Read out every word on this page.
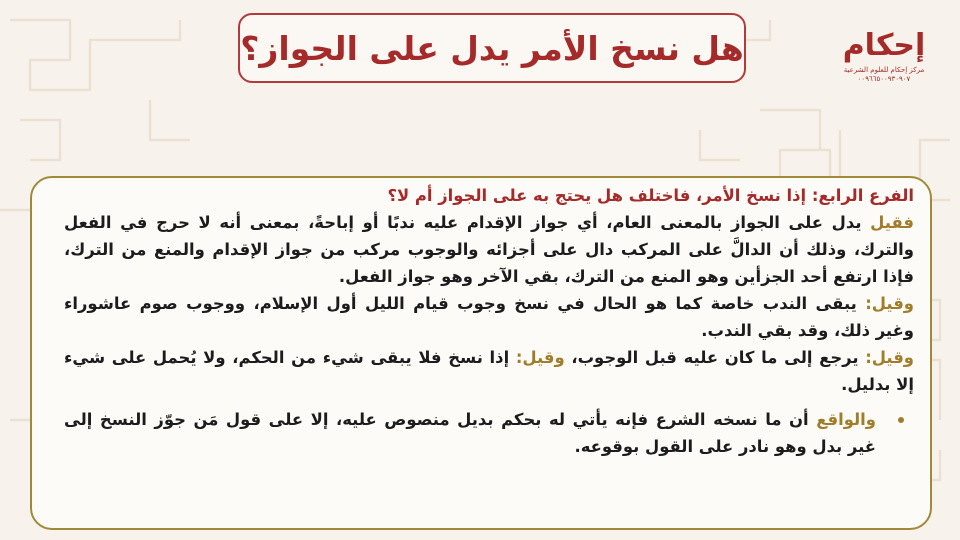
إحكام
مركز إحكام للعلوم الشرعية
٠٠٩٦٦٥٠٠٩٣٠٩٠٧
هل نسخ الأمر يدل على الجواز؟

الفرع الرابع: إذا نسخ الأمر، فاختلف هل يحتج به على الجواز أم لا؟

فقيل يدل على الجواز بالمعنى العام، أي جواز الإقدام عليه ندبًا أو إباحةً، بمعنى أنه لا حرج في الفعل والترك، وذلك أن الدالَّ على المركب دال على أجزائه والوجوب مركب من جواز الإقدام والمنع من الترك، فإذا ارتفع أحد الجزأين وهو المنع من الترك، بقي الآخر وهو جواز الفعل.

وقيل: يبقى الندب خاصة كما هو الحال في نسخ وجوب قيام الليل أول الإسلام، ووجوب صوم عاشوراء وغير ذلك، وقد بقي الندب.

وقيل: يرجع إلى ما كان عليه قبل الوجوب، وقيل: إذا نسخ فلا يبقى شيء من الحكم، ولا يُحمل على شيء إلا بدليل.

والواقع أن ما نسخه الشرع فإنه يأتي له بحكم بديل منصوص عليه، إلا على قول مَن جوّز النسخ إلى غير بدل وهو نادر على القول بوقوعه.
